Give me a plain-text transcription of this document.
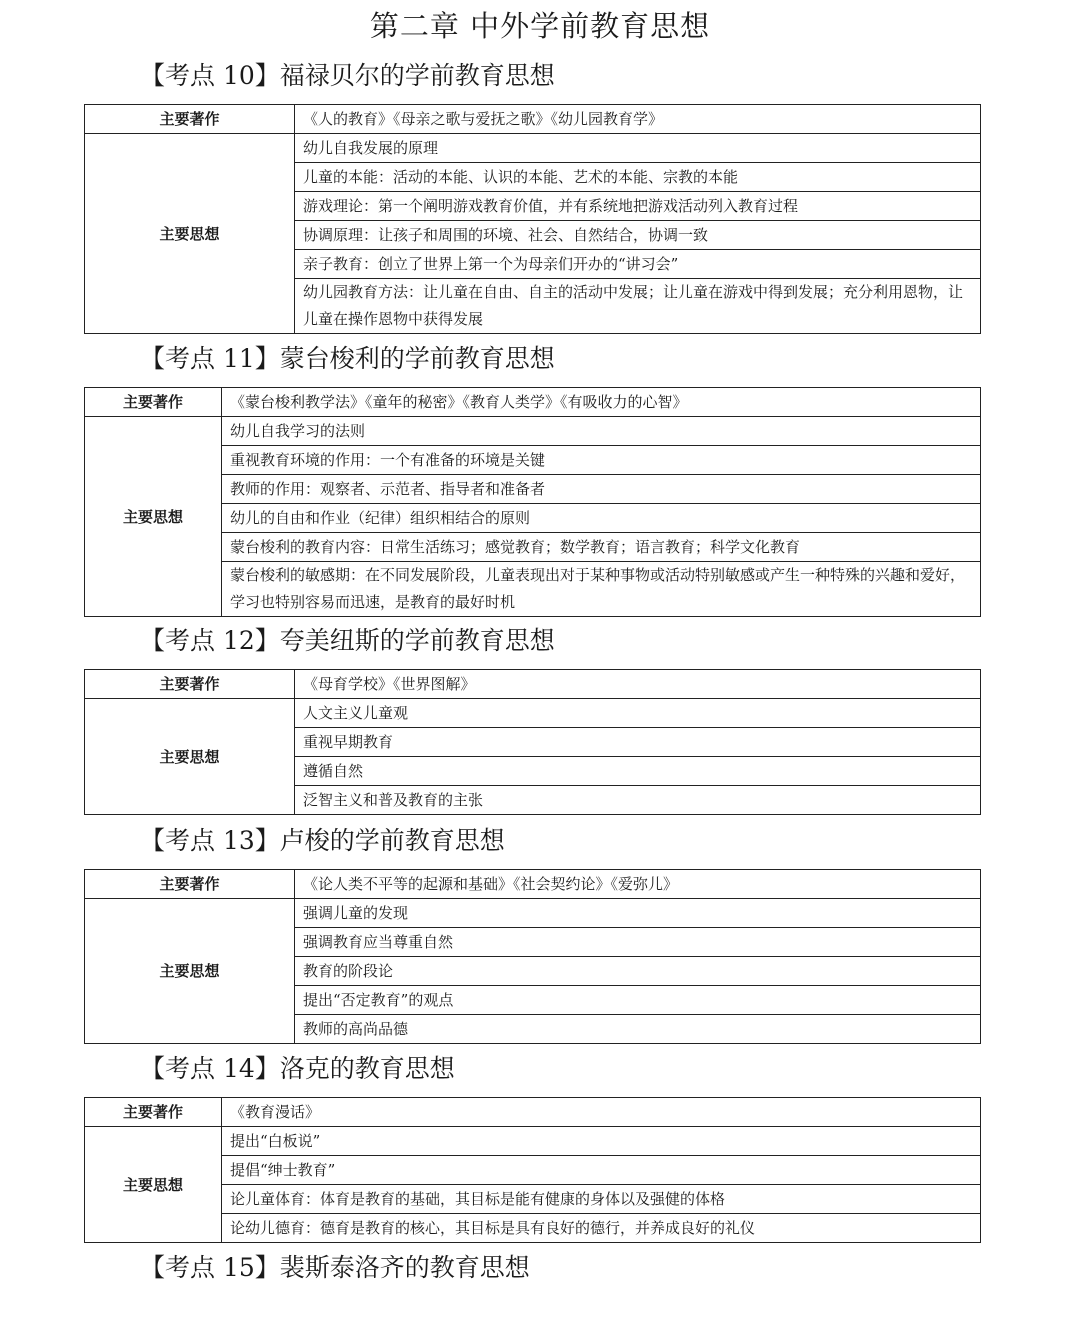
第二章 中外学前教育思想
【考点 10】福禄贝尔的学前教育思想
主要著作	《人的教育》《母亲之歌与爱抚之歌》《幼儿园教育学》
主要思想	幼儿自我发展的原理
	儿童的本能：活动的本能、认识的本能、艺术的本能、宗教的本能
	游戏理论：第一个阐明游戏教育价值，并有系统地把游戏活动列入教育过程
	协调原理：让孩子和周围的环境、社会、自然结合，协调一致
	亲子教育：创立了世界上第一个为母亲们开办的“讲习会”
	幼儿园教育方法：让儿童在自由、自主的活动中发展；让儿童在游戏中得到发展；充分利用恩物，让儿童在操作恩物中获得发展
【考点 11】蒙台梭利的学前教育思想
主要著作	《蒙台梭利教学法》《童年的秘密》《教育人类学》《有吸收力的心智》
主要思想	幼儿自我学习的法则
	重视教育环境的作用：一个有准备的环境是关键
	教师的作用：观察者、示范者、指导者和准备者
	幼儿的自由和作业（纪律）组织相结合的原则
	蒙台梭利的教育内容：日常生活练习；感觉教育；数学教育；语言教育；科学文化教育
	蒙台梭利的敏感期：在不同发展阶段，儿童表现出对于某种事物或活动特别敏感或产生一种特殊的兴趣和爱好，学习也特别容易而迅速，是教育的最好时机
【考点 12】夸美纽斯的学前教育思想
主要著作	《母育学校》《世界图解》
主要思想	人文主义儿童观
	重视早期教育
	遵循自然
	泛智主义和普及教育的主张
【考点 13】卢梭的学前教育思想
主要著作	《论人类不平等的起源和基础》《社会契约论》《爱弥儿》
主要思想	强调儿童的发现
	强调教育应当尊重自然
	教育的阶段论
	提出“否定教育”的观点
	教师的高尚品德
【考点 14】洛克的教育思想
主要著作	《教育漫话》
主要思想	提出“白板说”
	提倡“绅士教育”
	论儿童体育：体育是教育的基础，其目标是能有健康的身体以及强健的体格
	论幼儿德育：德育是教育的核心，其目标是具有良好的德行，并养成良好的礼仪
【考点 15】裴斯泰洛齐的教育思想
